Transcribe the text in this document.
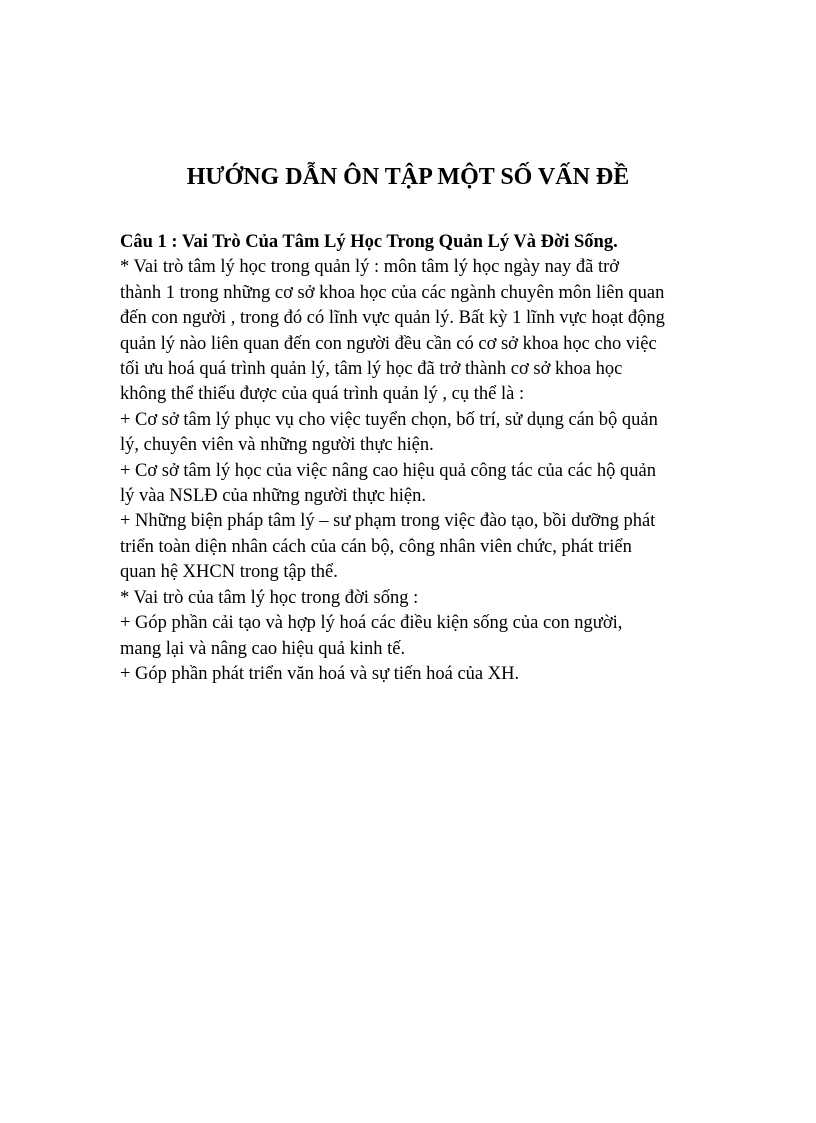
HƯỚNG DẪN ÔN TẬP MỘT SỐ VẤN ĐỀ
Câu 1 : Vai Trò Của Tâm Lý Học Trong Quản Lý Và Đời Sống.
* Vai trò tâm lý học trong quản lý : môn tâm lý học ngày nay đã trở
thành 1 trong những cơ sở khoa học của các ngành chuyên môn liên quan
đến con người , trong đó có lĩnh vực quản lý. Bất kỳ 1 lĩnh vực hoạt động
quản lý nào liên quan đến con người đều cần có cơ sở khoa học cho việc
tối ưu hoá quá trình quản lý, tâm lý học đã trở thành cơ sở khoa học
không thể thiếu được của quá trình quản lý , cụ thể là :
+ Cơ sở tâm lý phục vụ cho việc tuyển chọn, bố trí, sử dụng cán bộ quản
lý, chuyên viên và những người thực hiện.
+ Cơ sở tâm lý học của việc nâng cao hiệu quả công tác của các hộ quản
lý vàa NSLĐ của những người thực hiện.
+ Những biện pháp tâm lý – sư phạm trong việc đào tạo, bồi dưỡng phát
triển toàn diện nhân cách của cán bộ, công nhân viên chức, phát triển
quan hệ XHCN trong tập thể.
* Vai trò của tâm lý học trong đời sống :
+ Góp phần cải tạo và hợp lý hoá các điều kiện sống của con người,
mang lại và nâng cao hiệu quả kinh tế.
+ Góp phần phát triển văn hoá và sự tiến hoá của XH.
